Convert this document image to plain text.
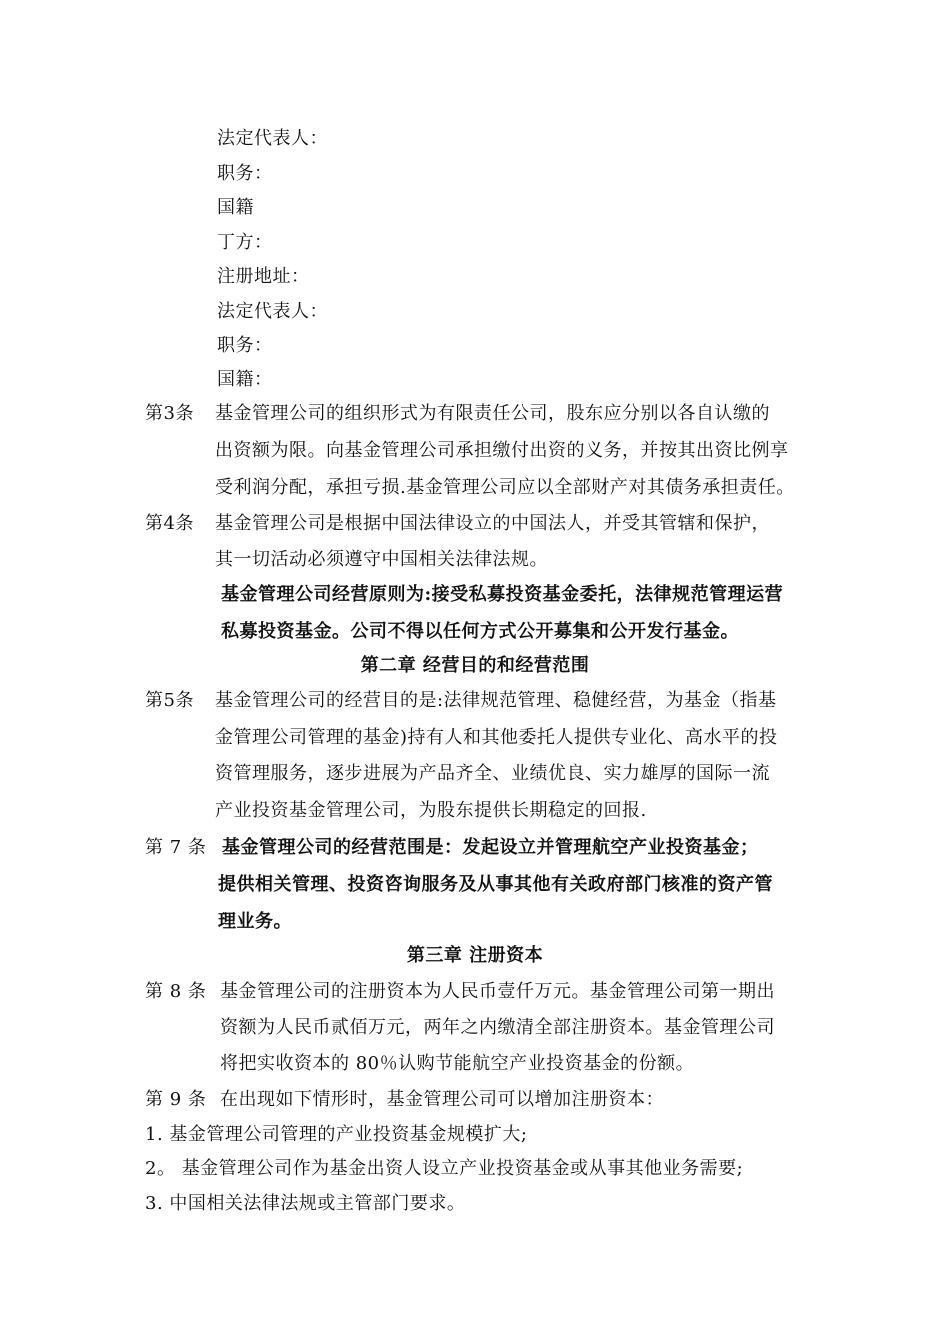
法定代表人：
职务：
国籍
丁方：
注册地址：
法定代表人：
职务：
国籍：
第3条 基金管理公司的组织形式为有限责任公司，股东应分别以各自认缴的
出资额为限。向基金管理公司承担缴付出资的义务，并按其出资比例享
受利润分配，承担亏损.基金管理公司应以全部财产对其债务承担责任。
第4条 基金管理公司是根据中国法律设立的中国法人，并受其管辖和保护，
其一切活动必须遵守中国相关法律法规。
基金管理公司经营原则为:接受私募投资基金委托，法律规范管理运营
私募投资基金。公司不得以任何方式公开募集和公开发行基金。
第二章 经营目的和经营范围
第5条 基金管理公司的经营目的是:法律规范管理、稳健经营，为基金（指基
金管理公司管理的基金)持有人和其他委托人提供专业化、高水平的投
资管理服务，逐步进展为产品齐全、业绩优良、实力雄厚的国际一流
产业投资基金管理公司，为股东提供长期稳定的回报.
第 7 条 基金管理公司的经营范围是：发起设立并管理航空产业投资基金；
提供相关管理、投资咨询服务及从事其他有关政府部门核准的资产管
理业务。
第三章 注册资本
第 8 条 基金管理公司的注册资本为人民币壹仟万元。基金管理公司第一期出
资额为人民币贰佰万元，两年之内缴清全部注册资本。基金管理公司
将把实收资本的 80％认购节能航空产业投资基金的份额。
第 9 条 在出现如下情形时，基金管理公司可以增加注册资本：
1. 基金管理公司管理的产业投资基金规模扩大;
2。 基金管理公司作为基金出资人设立产业投资基金或从事其他业务需要;
3. 中国相关法律法规或主管部门要求。
